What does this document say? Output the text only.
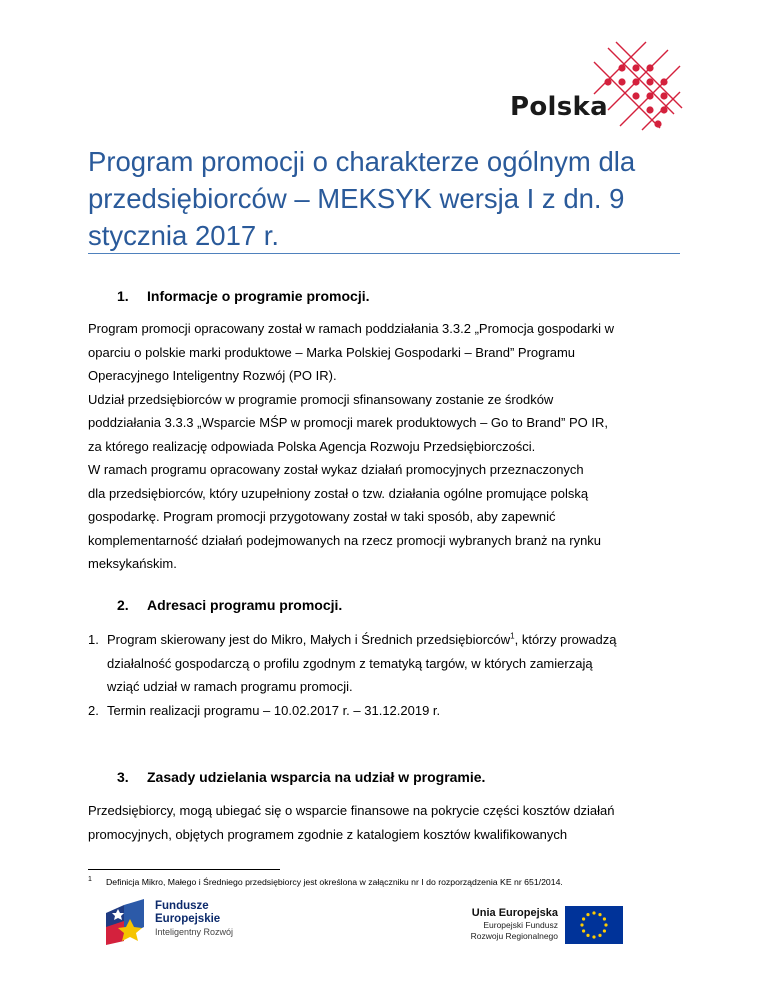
Polska
Program promocji o charakterze ogólnym dla
przedsiębiorców – MEKSYK wersja I z dn. 9
stycznia 2017 r.
1. Informacje o programie promocji.

Program promocji opracowany został w ramach poddziałania 3.3.2 „Promocja gospodarki w

oparciu o polskie marki produktowe – Marka Polskiej Gospodarki – Brand” Programu

Operacyjnego Inteligentny Rozwój (PO IR).

Udział przedsiębiorców w programie promocji sfinansowany zostanie ze środków

poddziałania 3.3.3 „Wsparcie MŚP w promocji marek produktowych – Go to Brand” PO IR,

za którego realizację odpowiada Polska Agencja Rozwoju Przedsiębiorczości.

W ramach programu opracowany został wykaz działań promocyjnych przeznaczonych

dla przedsiębiorców, który uzupełniony został o tzw. działania ogólne promujące polską

gospodarkę. Program promocji przygotowany został w taki sposób, aby zapewnić

komplementarność działań podejmowanych na rzecz promocji wybranych branż na rynku

meksykańskim.

2. Adresaci programu promocji.
1. Program skierowany jest do Mikro, Małych i Średnich przedsiębiorców$^1$, którzy prowadzą
działalność gospodarczą o profilu zgodnym z tematyką targów, w których zamierzają
wziąć udział w ramach programu promocji.
2. Termin realizacji programu – 10.02.2017 r. – 31.12.2019 r.
3. Zasady udzielania wsparcia na udział w programie.

Przedsiębiorcy, mogą ubiegać się o wsparcie finansowe na pokrycie części kosztów działań

promocyjnych, objętych programem zgodnie z katalogiem kosztów kwalifikowanych

1 Definicja Mikro, Małego i Średniego przedsiębiorcy jest określona w załączniku nr I do rozporządzenia KE nr 651/2014.

Fundusze
Europejskie
Inteligentny Rozwój
Unia Europejska
Europejski Fundusz
Rozwoju Regionalnego
